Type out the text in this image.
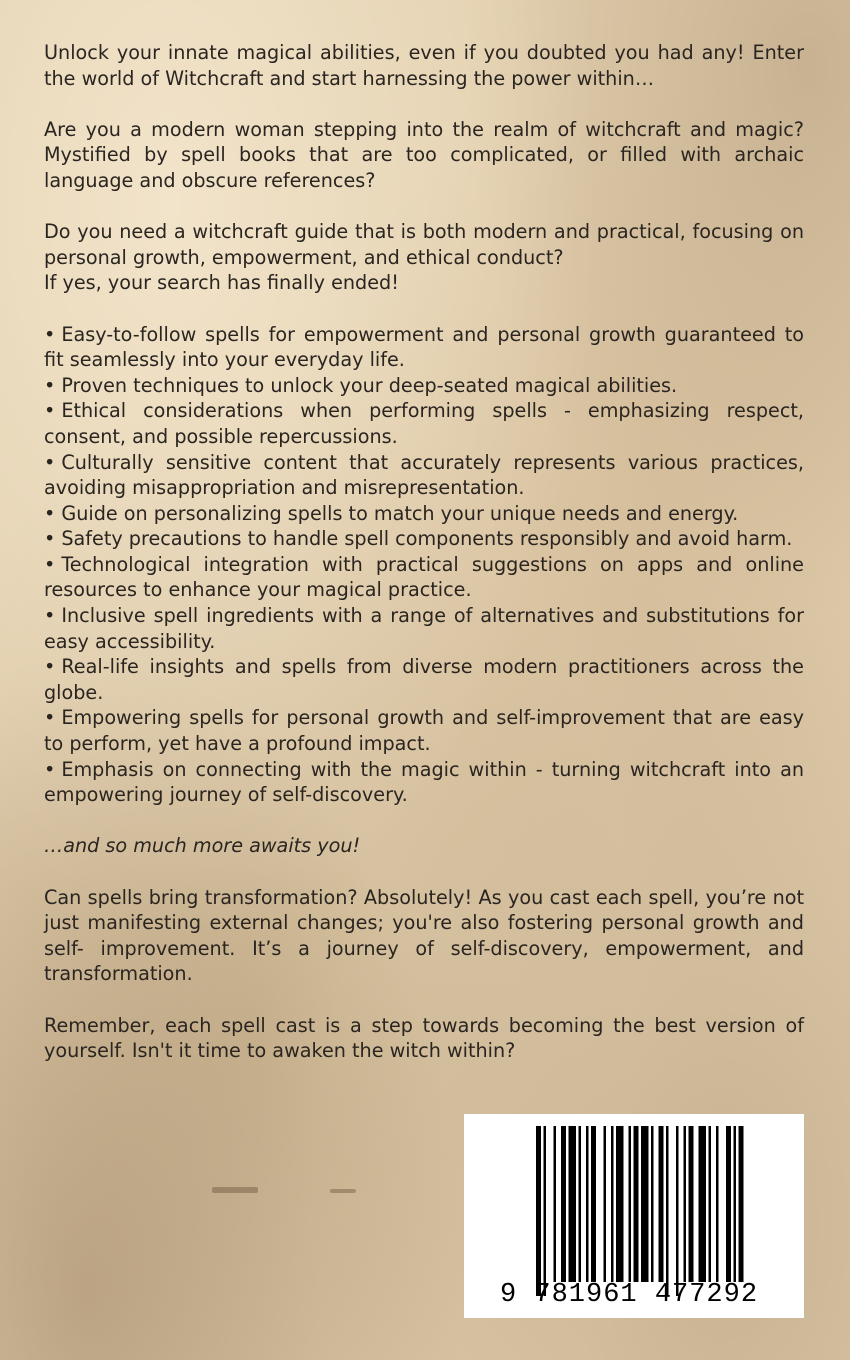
Unlock your innate magical abilities, even if you doubted you had any! Enter the world of Witchcraft and start harnessing the power within…

Are you a modern woman stepping into the realm of witchcraft and magic? Mystified by spell books that are too complicated, or filled with archaic language and obscure references?

Do you need a witchcraft guide that is both modern and practical, focusing on personal growth, empowerment, and ethical conduct?

If yes, your search has finally ended!

• Easy-to-follow spells for empowerment and personal growth guaranteed to fit seamlessly into your everyday life.
• Proven techniques to unlock your deep-seated magical abilities.
• Ethical considerations when performing spells - emphasizing respect, consent, and possible repercussions.
• Culturally sensitive content that accurately represents various practices, avoiding misappropriation and misrepresentation.
• Guide on personalizing spells to match your unique needs and energy.
• Safety precautions to handle spell components responsibly and avoid harm.
• Technological integration with practical suggestions on apps and online resources to enhance your magical practice.
• Inclusive spell ingredients with a range of alternatives and substitutions for easy accessibility.
• Real-life insights and spells from diverse modern practitioners across the globe.
• Empowering spells for personal growth and self-improvement that are easy to perform, yet have a profound impact.
• Emphasis on connecting with the magic within - turning witchcraft into an empowering journey of self-discovery.

…and so much more awaits you!

Can spells bring transformation? Absolutely! As you cast each spell, you’re not just manifesting external changes; you're also fostering personal growth and self- improvement. It’s a journey of self-discovery, empowerment, and transformation.

Remember, each spell cast is a step towards becoming the best version of yourself. Isn't it time to awaken the witch within?

9 781961 477292
